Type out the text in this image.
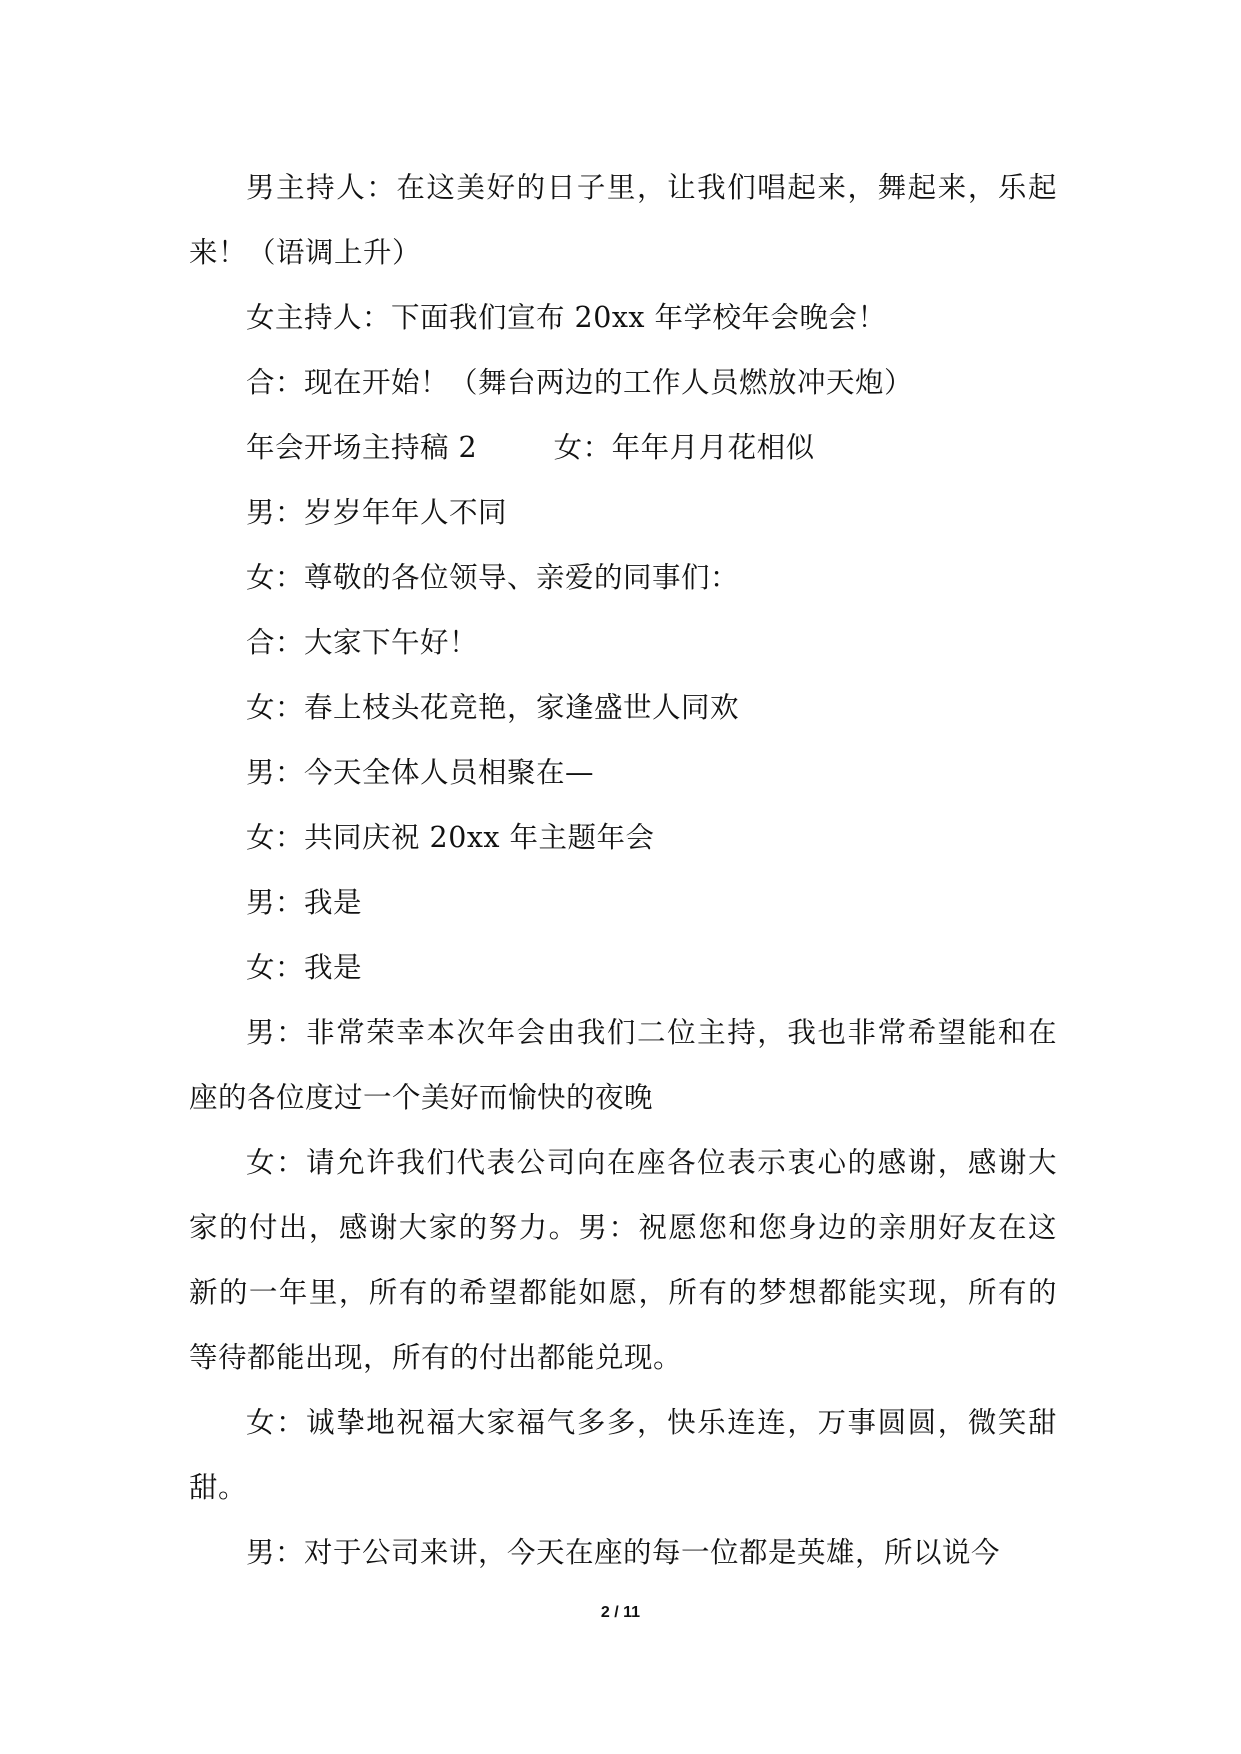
男主持人：在这美好的日子里，让我们唱起来，舞起来，乐起来！（语调上升）

女主持人：下面我们宣布 20xx 年学校年会晚会！

合：现在开始！（舞台两边的工作人员燃放冲天炮）

年会开场主持稿 2        女：年年月月花相似

男：岁岁年年人不同

女：尊敬的各位领导、亲爱的同事们：

合：大家下午好！

女：春上枝头花竞艳，家逢盛世人同欢

男：今天全体人员相聚在—

女：共同庆祝 20xx 年主题年会

男：我是

女：我是

男：非常荣幸本次年会由我们二位主持，我也非常希望能和在座的各位度过一个美好而愉快的夜晚

女：请允许我们代表公司向在座各位表示衷心的感谢，感谢大家的付出，感谢大家的努力。男：祝愿您和您身边的亲朋好友在这新的一年里，所有的希望都能如愿，所有的梦想都能实现，所有的等待都能出现，所有的付出都能兑现。

女：诚挚地祝福大家福气多多，快乐连连，万事圆圆，微笑甜甜。

男：对于公司来讲，今天在座的每一位都是英雄，所以说今

2 / 11
